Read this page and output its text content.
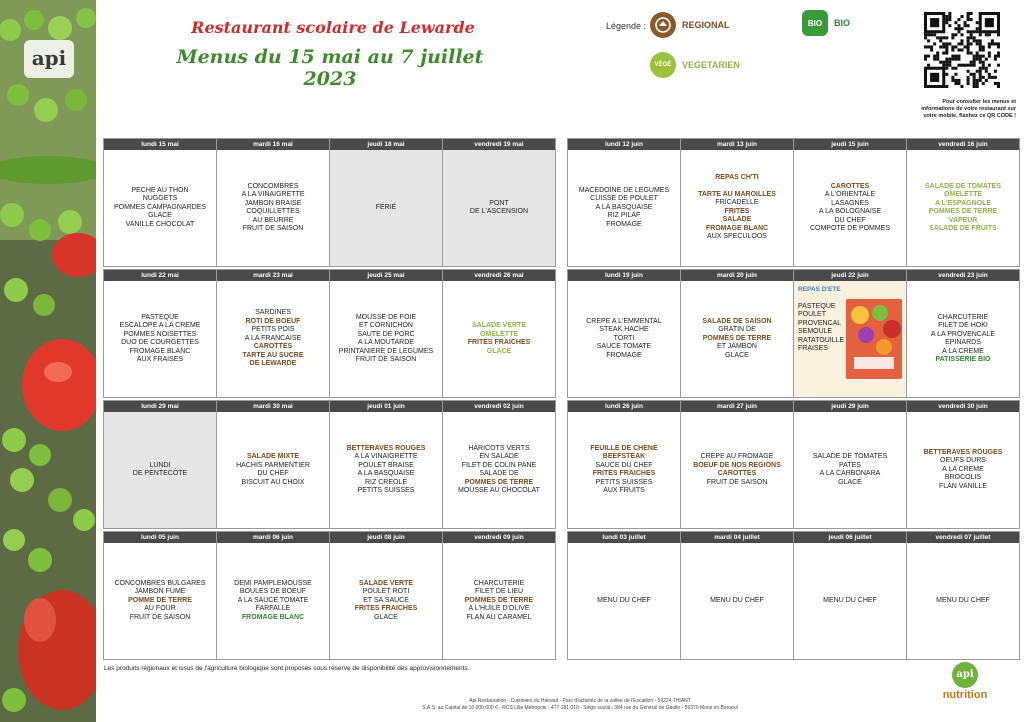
api
Restaurant scolaire de Lewarde
Menus du 15 mai au 7 juillet 2023
Légende :	REGIONAL	BIO	BIO
VÉGÉ	VEGETARIEN
Pour consulter les menus et informations de votre restaurant sur votre mobile, flashez ce QR CODE !
Les produits régionaux et issus de l'agriculture biologique sont proposés sous réserve de disponibilité des approvisionnements.
Api Restauration - Cuisiniers du Hainaut - Parc d'activités de la vallée de l'Escaillon - 59224 THIANT
S.A.S. au Capital de 10.000.000 € - RCS Lille Métropole : 477 181 010 - Siège social : 384 rue du Général de Gaulle - 59370 Mons en Baroeul
api
nutrition
lundi 15 mai
PECHE AU THON
NUGGETS
POMMES CAMPAGNARDES
GLACE
VANILLE CHOCOLAT
mardi 16 mai
CONCOMBRES
A LA VINAIGRETTE
JAMBON BRAISE
COQUILLETTES
AU BEURRE
FRUIT DE SAISON
jeudi 18 mai
FÉRIÉ
vendredi 19 mai
PONT
DE L'ASCENSION
lundi 22 mai
PASTEQUE
ESCALOPE A LA CREME
POMMES NOISETTES
DUO DE COURGETTES
FROMAGE BLANC
AUX FRAISES
mardi 23 mai
SARDINES
ROTI DE BOEUF
PETITS POIS
A LA FRANCAISE
CAROTTES
TARTE AU SUCRE
DE LEWARDE
jeudi 25 mai
MOUSSE DE FOIE
ET CORNICHON
SAUTE DE PORC
A LA MOUTARDE
PRINTANIERE DE LEGUMES
FRUIT DE SAISON
vendredi 26 mai
SALADE VERTE
OMELETTE
FRITES FRAICHES
GLACE
lundi 29 mai
LUNDI
DE PENTECÔTE
mardi 30 mai
SALADE MIXTE
HACHIS PARMENTIER
DU CHEF
BISCUIT AU CHOIX
jeudi 01 juin
BETTERAVES ROUGES
A LA VINAIGRETTE
POULET BRAISE
A LA BASQUAISE
RIZ CREOLE
PETITS SUISSES
vendredi 02 juin
HARICOTS VERTS
EN SALADE
FILET DE COLIN PANE
SALADE DE
POMMES DE TERRE
MOUSSE AU CHOCOLAT
lundi 05 juin
CONCOMBRES BULGARES
JAMBON FUME
POMME DE TERRE
AU FOUR
FRUIT DE SAISON
mardi 06 juin
DEMI PAMPLEMOUSSE
BOULES DE BOEUF
A LA SAUCE TOMATE
FARFALLE
FROMAGE BLANC
jeudi 08 juin
SALADE VERTE
POULET ROTI
ET SA SAUCE
FRITES FRAICHES
GLACE
vendredi 09 juin
CHARCUTERIE
FILET DE LIEU
POMMES DE TERRE
A L'HUILE D'OLIVE
FLAN AU CARAMEL
lundi 12 juin
MACEDOINE DE LEGUMES
CUISSE DE POULET
A LA BASQUAISE
RIZ PILAF
FROMAGE
mardi 13 juin
REPAS CH'TI
TARTE AU MAROILLES
FRICADELLE
FRITES
SALADE
FROMAGE BLANC
AUX SPECULOOS
jeudi 15 juin
CAROTTES
A L'ORIENTALE
LASAGNES
A LA BOLOGNAISE
DU CHEF
COMPOTE DE POMMES
vendredi 16 juin
SALADE DE TOMATES
OMELETTE
A L'ESPAGNOLE
POMMES DE TERRE
VAPEUR
SALADE DE FRUITS
lundi 19 juin
CREPE A L'EMMENTAL
STEAK HACHE
TORTI
SAUCE TOMATE
FROMAGE
mardi 20 juin
SALADE DE SAISON
GRATIN DE
POMMES DE TERRE
ET JAMBON
GLACE
jeudi 22 juin
REPAS D'ETE
PASTEQUE
POULET
PROVENCAL
SEMOULE
RATATOUILLE
FRAISES
vendredi 23 juin
CHARCUTERIE
FILET DE HOKI
A LA PROVENCALE
EPINARDS
A LA CREME
PATISSERIE BIO
lundi 26 juin
FEUILLE DE CHENE
BEEFSTEAK
SAUCE DU CHEF
FRITES FRAICHES
PETITS SUISSES
AUX FRUITS
mardi 27 juin
CREPE AU FROMAGE
BOEUF DE NOS REGIONS
CAROTTES
FRUIT DE SAISON
jeudi 29 juin
SALADE DE TOMATES
PATES
A LA CARBONARA
GLACE
vendredi 30 juin
BETTERAVES ROUGES
OEUFS DURS
A LA CREME
BROCOLIS
FLAN VANILLE
lundi 03 juillet
MENU DU CHEF
mardi 04 juillet
MENU DU CHEF
jeudi 06 juillet
MENU DU CHEF
vendredi 07 juillet
MENU DU CHEF
